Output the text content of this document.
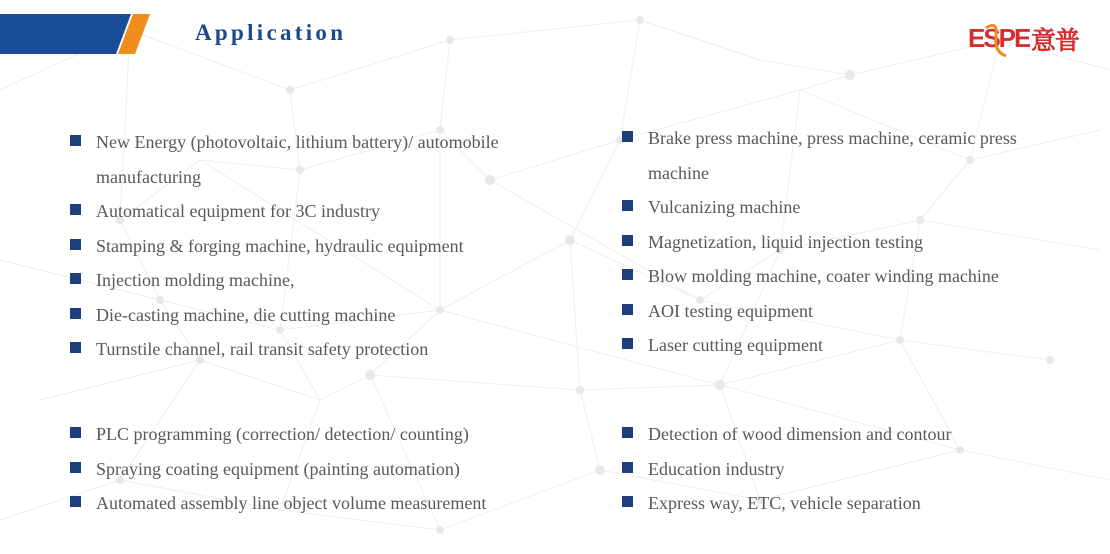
Application	ESPE 意普
New Energy (photovoltaic, lithium battery)/ automobile
manufacturing
Automatical equipment for 3C industry
Stamping & forging machine, hydraulic equipment
Injection molding machine,
Die-casting machine, die cutting machine
Turnstile channel, rail transit safety protection
Brake press machine, press machine, ceramic press
machine
Vulcanizing machine
Magnetization, liquid injection testing
Blow molding machine, coater winding machine
AOI testing equipment
Laser cutting equipment
PLC programming (correction/ detection/ counting)
Spraying coating equipment (painting automation)
Automated assembly line object volume measurement
Detection of wood dimension and contour
Education industry
Express way, ETC, vehicle separation
